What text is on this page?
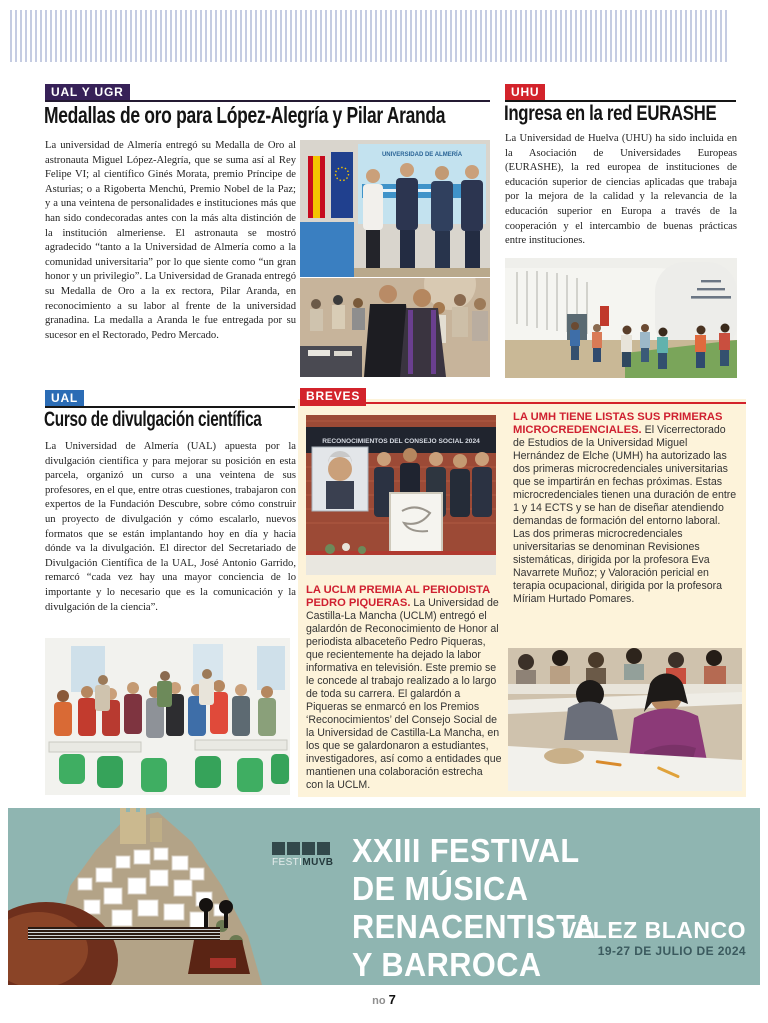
UAL Y UGR
Medallas de oro para López-Alegría y Pilar Aranda

La universidad de Almería entregó su Medalla de Oro al astronauta Miguel López-Alegría, que se suma así al Rey Felipe VI; al científico Ginés Morata, premio Príncipe de Asturias; o a Rigoberta Menchú, Premio Nobel de la Paz; y a una veintena de personalidades e instituciones más que han sido condecoradas antes con la más alta distinción de la institución almeriense. El astronauta se mostró agradecido “tanto a la Universidad de Almería como a la comunidad universitaria” por lo que siente como “un gran honor y un privilegio”. La Universidad de Granada entregó su Medalla de Oro a la ex rectora, Pilar Aranda, en reconocimiento a su labor al frente de la universidad granadina. La medalla a Aranda le fue entregada por su sucesor en el Rectorado, Pedro Mercado.

UNIVERSIDAD DE ALMERÍA
UHU
Ingresa en la red EURASHE

La Universidad de Huelva (UHU) ha sido incluida en la Asociación de Universidades Europeas (EURASHE), la red europea de instituciones de educación superior de ciencias aplicadas que trabaja por la mejora de la calidad y la relevancia de la educación superior en Europa a través de la cooperación y el intercambio de buenas prácticas entre instituciones.

UAL
Curso de divulgación científica

La Universidad de Almería (UAL) apuesta por la divulgación científica y para mejorar su posición en esta parcela, organizó un curso a una veintena de sus profesores, en el que, entre otras cuestiones, trabajaron con expertos de la Fundación Descubre, sobre cómo construir un proyecto de divulgación y cómo escalarlo, nuevos formatos que se están implantando hoy en día y hacia dónde va la divulgación. El director del Secretariado de Divulgación Científica de la UAL, José Antonio Garrido, remarcó “cada vez hay una mayor conciencia de lo importante y lo necesario que es la comunicación y la divulgación de la ciencia”.

BREVES
RECONOCIMIENTOS DEL CONSEJO SOCIAL 2024

LA UCLM PREMIA AL PERIODISTA PEDRO PIQUERAS. La Universidad de Castilla-La Mancha (UCLM) entregó el galardón de Reconocimiento de Honor al periodista albaceteño Pedro Piqueras, que recientemente ha dejado la labor informativa en televisión. Este premio se le concede al trabajo realizado a lo largo de toda su carrera. El galardón a Piqueras se enmarcó en los Premios ‘Reconocimientos’ del Consejo Social de la Universidad de Castilla-La Mancha, en los que se galardonaron a estudiantes, investigadores, así como a entidades que mantienen una colaboración estrecha con la UCLM.

LA UMH TIENE LISTAS SUS PRIMERAS MICROCREDENCIALES. El Vicerrectorado de Estudios de la Universidad Miguel Hernández de Elche (UMH) ha autorizado las dos primeras microcredenciales universitarias que se impartirán en fechas próximas. Estas microcredenciales tienen una duración de entre 1 y 14 ECTS y se han de diseñar atendiendo demandas de formación del entorno laboral. Las dos primeras microcredenciales universitarias se denominan Revisiones sistemáticas, dirigida por la profesora Eva Navarrete Muñoz; y Valoración pericial en terapia ocupacional, dirigida por la profesora Míriam Hurtado Pomares.

FESTIMUVB XXIII FESTIVAL
DE MÚSICA
RENACENTISTA
Y BARROCA
VÉLEZ BLANCO
19-27 DE JULIO DE 2024
no 7
